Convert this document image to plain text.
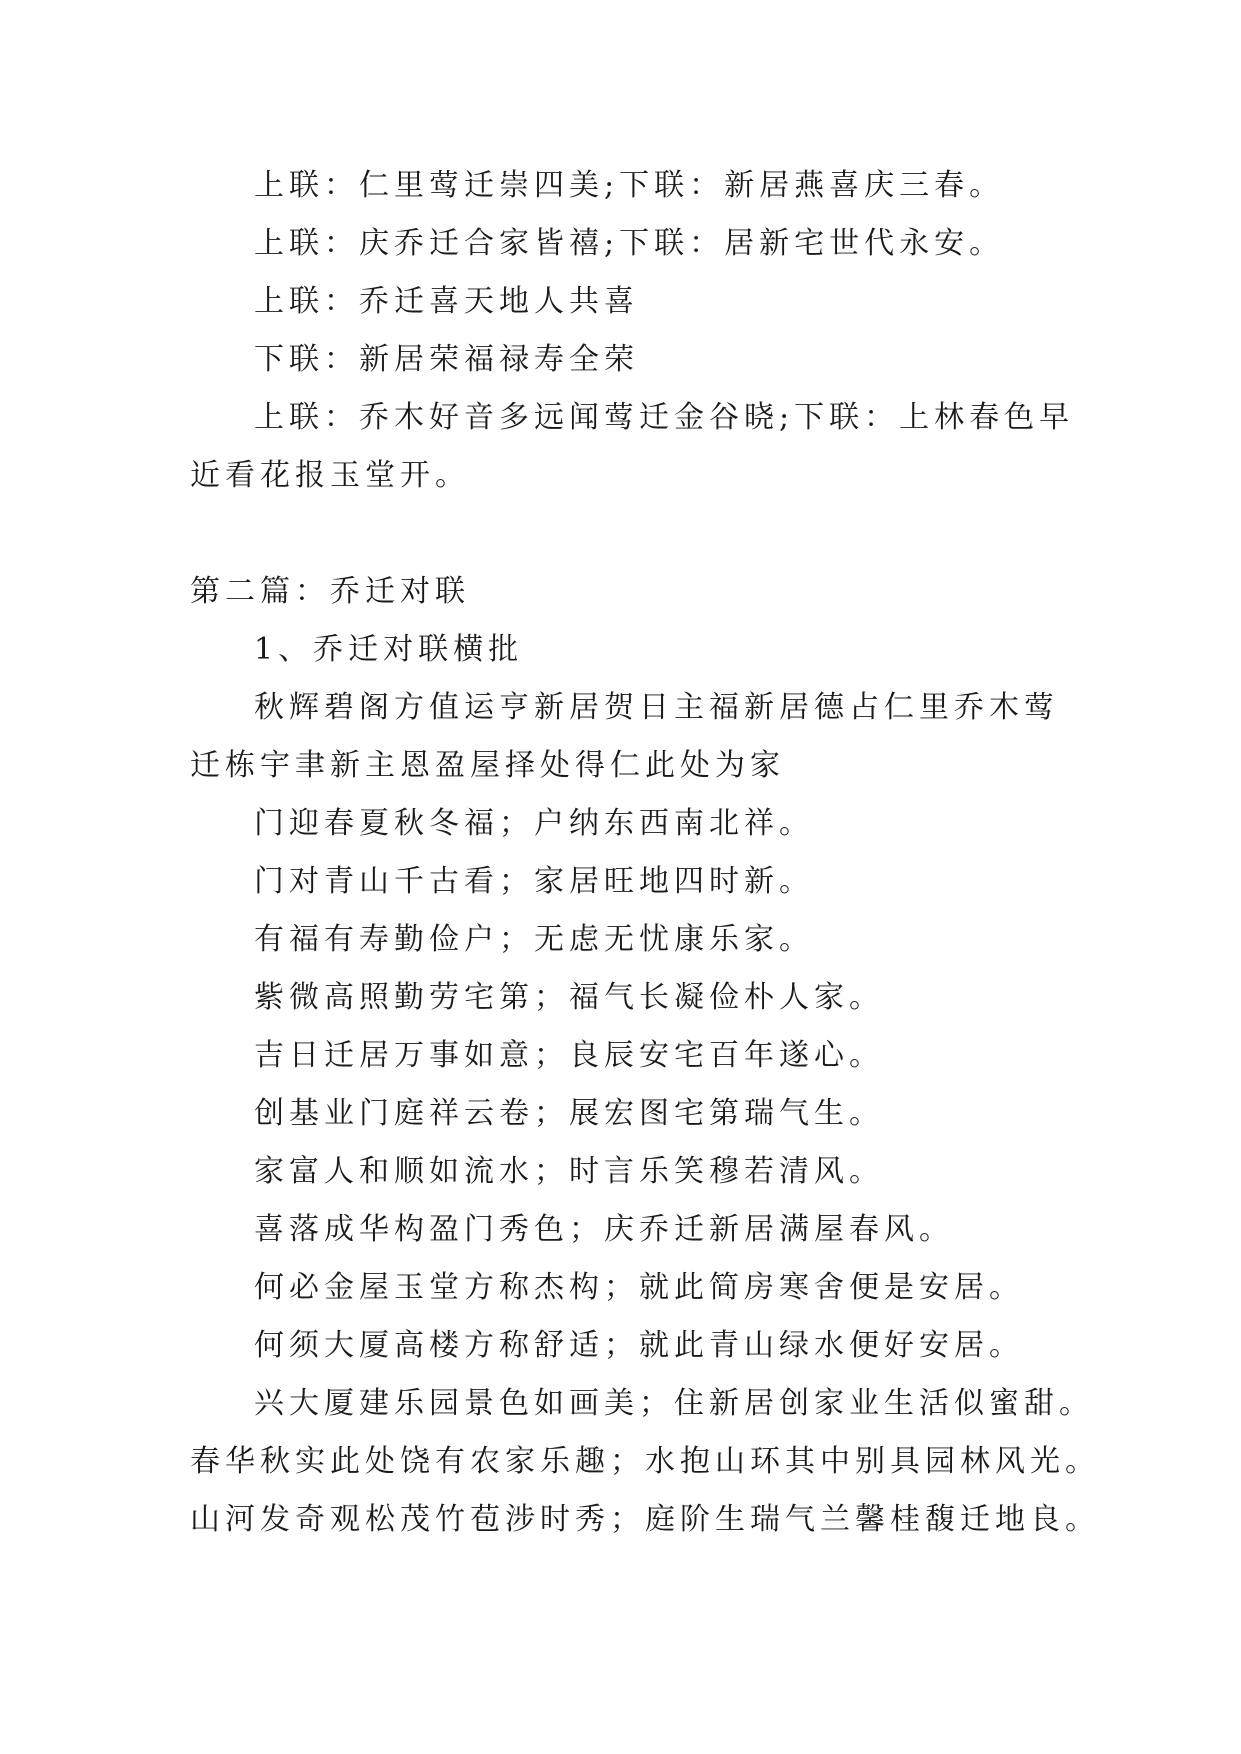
上联：仁里莺迁崇四美;下联：新居燕喜庆三春。
上联：庆乔迁合家皆禧;下联：居新宅世代永安。
上联：乔迁喜天地人共喜
下联：新居荣福禄寿全荣
上联：乔木好音多远闻莺迁金谷晓;下联：上林春色早
近看花报玉堂开。
第二篇：乔迁对联
1、乔迁对联横批
秋辉碧阁方值运亨新居贺日主福新居德占仁里乔木莺
迁栋宇聿新主恩盈屋择处得仁此处为家
门迎春夏秋冬福；户纳东西南北祥。
门对青山千古看；家居旺地四时新。
有福有寿勤俭户；无虑无忧康乐家。
紫微高照勤劳宅第；福气长凝俭朴人家。
吉日迁居万事如意；良辰安宅百年遂心。
创基业门庭祥云卷；展宏图宅第瑞气生。
家富人和顺如流水；时言乐笑穆若清风。
喜落成华构盈门秀色；庆乔迁新居满屋春风。
何必金屋玉堂方称杰构；就此简房寒舍便是安居。
何须大厦高楼方称舒适；就此青山绿水便好安居。
兴大厦建乐园景色如画美；住新居创家业生活似蜜甜。
春华秋实此处饶有农家乐趣；水抱山环其中别具园林风光。
山河发奇观松茂竹苞涉时秀；庭阶生瑞气兰馨桂馥迁地良。
